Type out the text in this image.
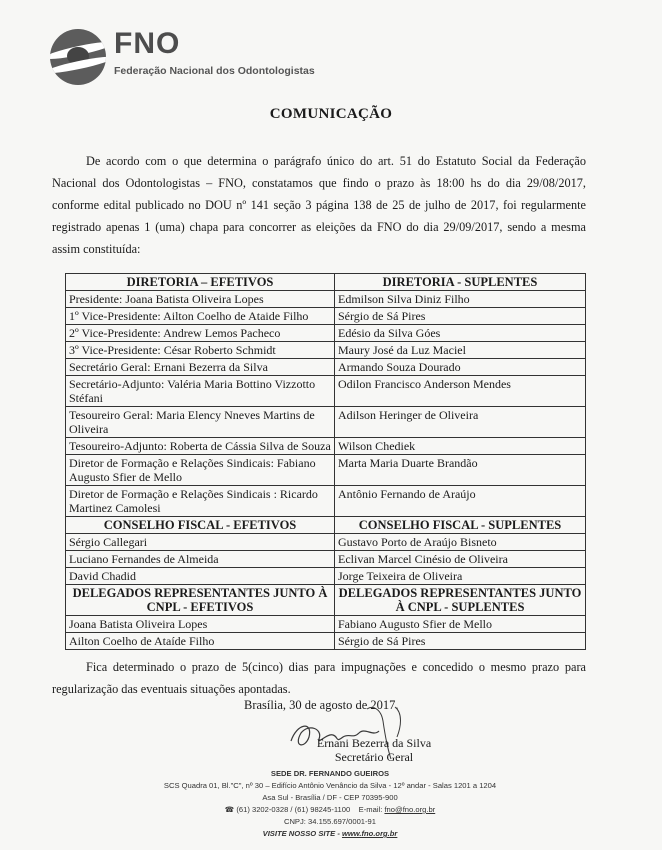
FNO
Federação Nacional dos Odontologistas
COMUNICAÇÃO

De acordo com o que determina o parágrafo único do art. 51 do Estatuto Social da Federação Nacional dos Odontologistas – FNO, constatamos que findo o prazo às 18:00 hs do dia 29/08/2017, conforme edital publicado no DOU nº 141 seção 3 página 138 de 25 de julho de 2017, foi regularmente registrado apenas 1 (uma) chapa para concorrer as eleições da FNO do dia 29/09/2017, sendo a mesma assim constituída:

DIRETORIA – EFETIVOS	DIRETORIA - SUPLENTES
Presidente: Joana Batista Oliveira Lopes	Edmilson Silva Diniz Filho
1º Vice-Presidente: Ailton Coelho de Ataide Filho	Sérgio de Sá Pires
2º Vice-Presidente: Andrew Lemos Pacheco	Edésio da Silva Góes
3º Vice-Presidente: César Roberto Schmidt	Maury José da Luz Maciel
Secretário Geral: Ernani Bezerra da Silva	Armando Souza Dourado
Secretário-Adjunto: Valéria Maria Bottino Vizzotto Stéfani	Odilon Francisco Anderson Mendes
Tesoureiro Geral: Maria Elency Nneves Martins de Oliveira	Adilson Heringer de Oliveira
Tesoureiro-Adjunto: Roberta de Cássia Silva de Souza	Wilson Chediek
Diretor de Formação e Relações Sindicais: Fabiano Augusto Sfier de Mello	Marta Maria Duarte Brandão
Diretor de Formação e Relações Sindicais : Ricardo Martinez Camolesi	Antônio Fernando de Araújo
CONSELHO FISCAL - EFETIVOS	CONSELHO FISCAL - SUPLENTES
Sérgio Callegari	Gustavo Porto de Araújo Bisneto
Luciano Fernandes de Almeida	Eclivan Marcel Cinésio de Oliveira
David Chadid	Jorge Teixeira de Oliveira
DELEGADOS REPRESENTANTES JUNTO À CNPL - EFETIVOS	DELEGADOS REPRESENTANTES JUNTO À CNPL - SUPLENTES
Joana Batista Oliveira Lopes	Fabiano Augusto Sfier de Mello
Ailton Coelho de Ataíde Filho	Sérgio de Sá Pires

Fica determinado o prazo de 5(cinco) dias para impugnações e concedido o mesmo prazo para regularização das eventuais situações apontadas.

Brasília, 30 de agosto de 2017.
Ernani Bezerra da Silva
Secretário Geral
SEDE DR. FERNANDO GUEIROS
SCS Quadra 01, Bl."C", nº 30 – Edifício Antônio Venâncio da Silva - 12º andar - Salas 1201 a 1204
Asa Sul - Brasília / DF - CEP 70395-900
☎ (61) 3202-0328 / (61) 98245-1100 E-mail: fno@fno.org.br
CNPJ: 34.155.697/0001-91
VISITE NOSSO SITE - www.fno.org.br
